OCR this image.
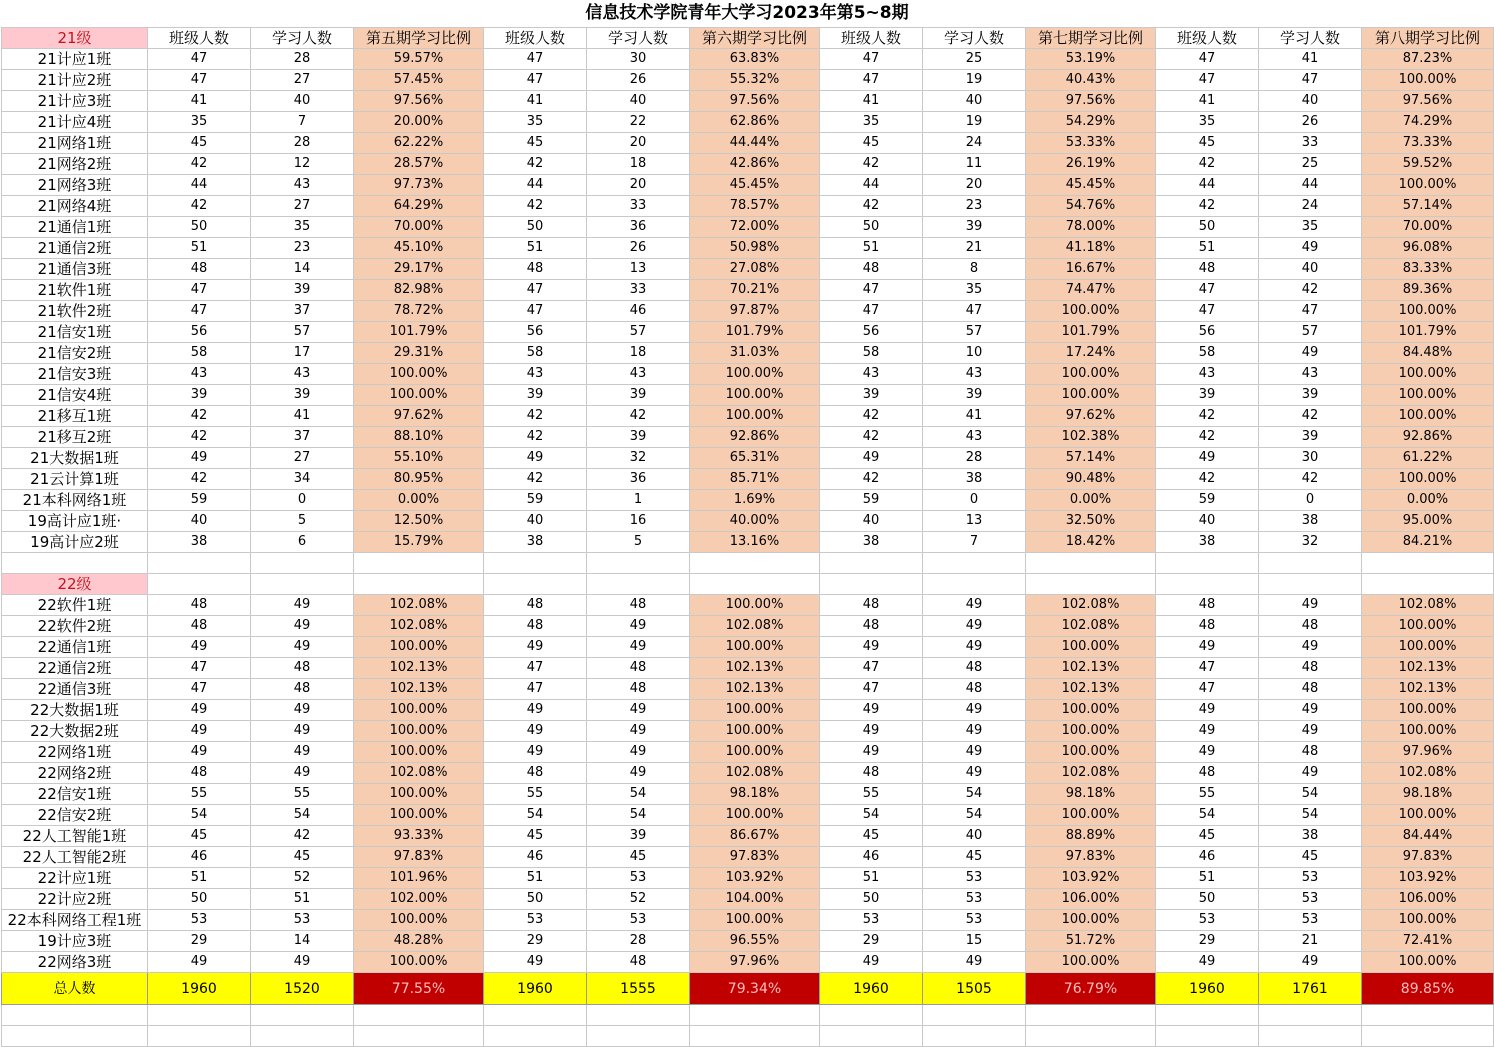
信息技术学院青年大学习2023年第5~8期
21级	班级人数	学习人数	第五期学习比例	班级人数	学习人数	第六期学习比例	班级人数	学习人数	第七期学习比例	班级人数	学习人数	第八期学习比例
21计应1班	47	28	59.57%	47	30	63.83%	47	25	53.19%	47	41	87.23%
21计应2班	47	27	57.45%	47	26	55.32%	47	19	40.43%	47	47	100.00%
21计应3班	41	40	97.56%	41	40	97.56%	41	40	97.56%	41	40	97.56%
21计应4班	35	7	20.00%	35	22	62.86%	35	19	54.29%	35	26	74.29%
21网络1班	45	28	62.22%	45	20	44.44%	45	24	53.33%	45	33	73.33%
21网络2班	42	12	28.57%	42	18	42.86%	42	11	26.19%	42	25	59.52%
21网络3班	44	43	97.73%	44	20	45.45%	44	20	45.45%	44	44	100.00%
21网络4班	42	27	64.29%	42	33	78.57%	42	23	54.76%	42	24	57.14%
21通信1班	50	35	70.00%	50	36	72.00%	50	39	78.00%	50	35	70.00%
21通信2班	51	23	45.10%	51	26	50.98%	51	21	41.18%	51	49	96.08%
21通信3班	48	14	29.17%	48	13	27.08%	48	8	16.67%	48	40	83.33%
21软件1班	47	39	82.98%	47	33	70.21%	47	35	74.47%	47	42	89.36%
21软件2班	47	37	78.72%	47	46	97.87%	47	47	100.00%	47	47	100.00%
21信安1班	56	57	101.79%	56	57	101.79%	56	57	101.79%	56	57	101.79%
21信安2班	58	17	29.31%	58	18	31.03%	58	10	17.24%	58	49	84.48%
21信安3班	43	43	100.00%	43	43	100.00%	43	43	100.00%	43	43	100.00%
21信安4班	39	39	100.00%	39	39	100.00%	39	39	100.00%	39	39	100.00%
21移互1班	42	41	97.62%	42	42	100.00%	42	41	97.62%	42	42	100.00%
21移互2班	42	37	88.10%	42	39	92.86%	42	43	102.38%	42	39	92.86%
21大数据1班	49	27	55.10%	49	32	65.31%	49	28	57.14%	49	30	61.22%
21云计算1班	42	34	80.95%	42	36	85.71%	42	38	90.48%	42	42	100.00%
21本科网络1班	59	0	0.00%	59	1	1.69%	59	0	0.00%	59	0	0.00%
19高计应1班·	40	5	12.50%	40	16	40.00%	40	13	32.50%	40	38	95.00%
19高计应2班	38	6	15.79%	38	5	13.16%	38	7	18.42%	38	32	84.21%

22级												
22软件1班	48	49	102.08%	48	48	100.00%	48	49	102.08%	48	49	102.08%
22软件2班	48	49	102.08%	48	49	102.08%	48	49	102.08%	48	48	100.00%
22通信1班	49	49	100.00%	49	49	100.00%	49	49	100.00%	49	49	100.00%
22通信2班	47	48	102.13%	47	48	102.13%	47	48	102.13%	47	48	102.13%
22通信3班	47	48	102.13%	47	48	102.13%	47	48	102.13%	47	48	102.13%
22大数据1班	49	49	100.00%	49	49	100.00%	49	49	100.00%	49	49	100.00%
22大数据2班	49	49	100.00%	49	49	100.00%	49	49	100.00%	49	49	100.00%
22网络1班	49	49	100.00%	49	49	100.00%	49	49	100.00%	49	48	97.96%
22网络2班	48	49	102.08%	48	49	102.08%	48	49	102.08%	48	49	102.08%
22信安1班	55	55	100.00%	55	54	98.18%	55	54	98.18%	55	54	98.18%
22信安2班	54	54	100.00%	54	54	100.00%	54	54	100.00%	54	54	100.00%
22人工智能1班	45	42	93.33%	45	39	86.67%	45	40	88.89%	45	38	84.44%
22人工智能2班	46	45	97.83%	46	45	97.83%	46	45	97.83%	46	45	97.83%
22计应1班	51	52	101.96%	51	53	103.92%	51	53	103.92%	51	53	103.92%
22计应2班	50	51	102.00%	50	52	104.00%	50	53	106.00%	50	53	106.00%
22本科网络工程1班	53	53	100.00%	53	53	100.00%	53	53	100.00%	53	53	100.00%
19计应3班	29	14	48.28%	29	28	96.55%	29	15	51.72%	29	21	72.41%
22网络3班	49	49	100.00%	49	48	97.96%	49	49	100.00%	49	49	100.00%
总人数	1960	1520	77.55%	1960	1555	79.34%	1960	1505	76.79%	1960	1761	89.85%
